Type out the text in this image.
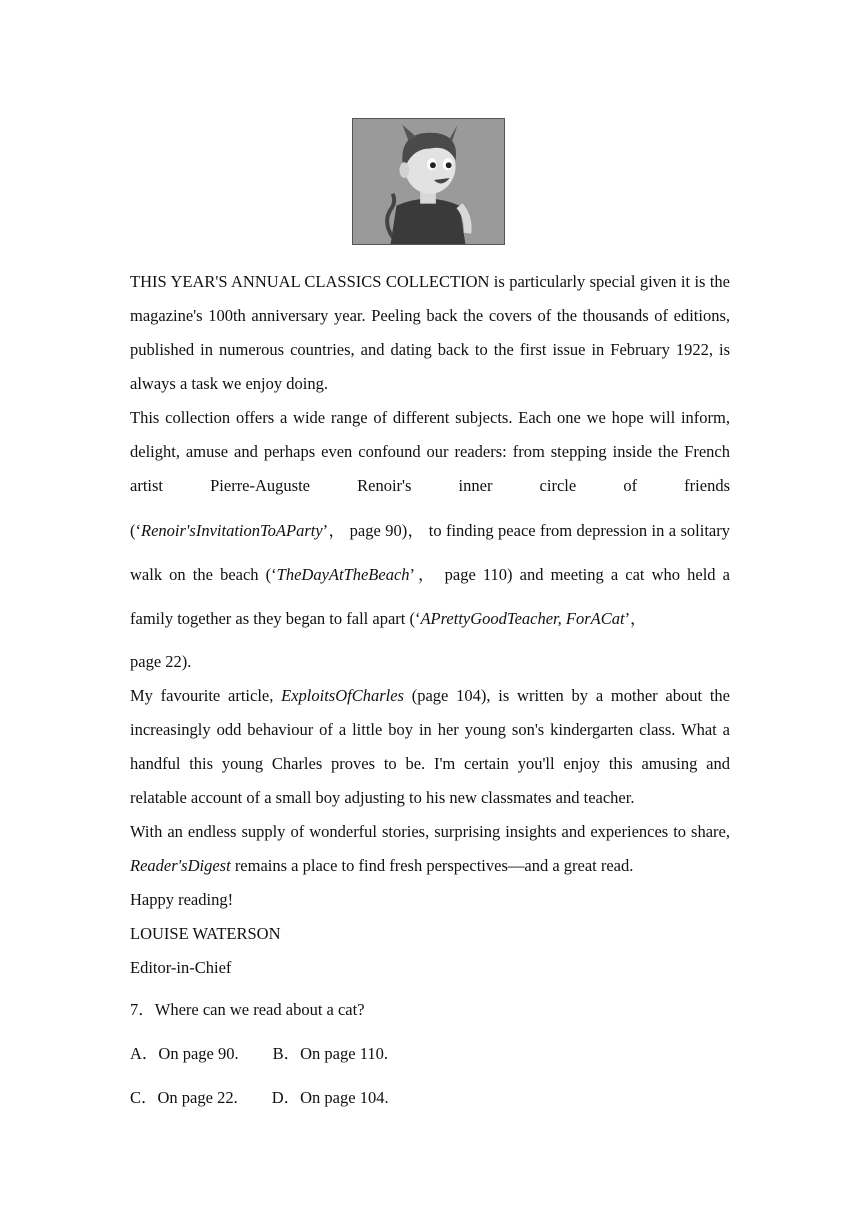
THIS YEAR'S ANNUAL CLASSICS COLLECTION is particularly special given it is the magazine's 100th anniversary year. Peeling back the covers of the thousands of editions, published in numerous countries, and dating back to the first issue in February 1922, is always a task we enjoy doing.

This collection offers a wide range of different subjects. Each one we hope will inform, delight, amuse and perhaps even confound our readers: from stepping inside the French artist Pierre-Auguste Renoir's inner circle of friends

(‘Renoir'sInvitationToAParty’， page 90)， to finding peace from depression in a solitary walk on the beach (‘TheDayAtTheBeach’， page 110) and meeting a cat who held a family together as they began to fall apart (‘APrettyGoodTeacher, ForACat’，

page 22).

My favourite article, ExploitsOfCharles (page 104), is written by a mother about the increasingly odd behaviour of a little boy in her young son's kindergarten class. What a handful this young Charles proves to be. I'm certain you'll enjoy this amusing and relatable account of a small boy adjusting to his new classmates and teacher.

With an endless supply of wonderful stories, surprising insights and experiences to share, Reader'sDigest remains a place to find fresh perspectives—and a great read.

Happy reading!

LOUISE WATERSON

Editor-in-Chief

7．Where can we read about a cat?

A．On page 90. B．On page 110.

C．On page 22. D．On page 104.
